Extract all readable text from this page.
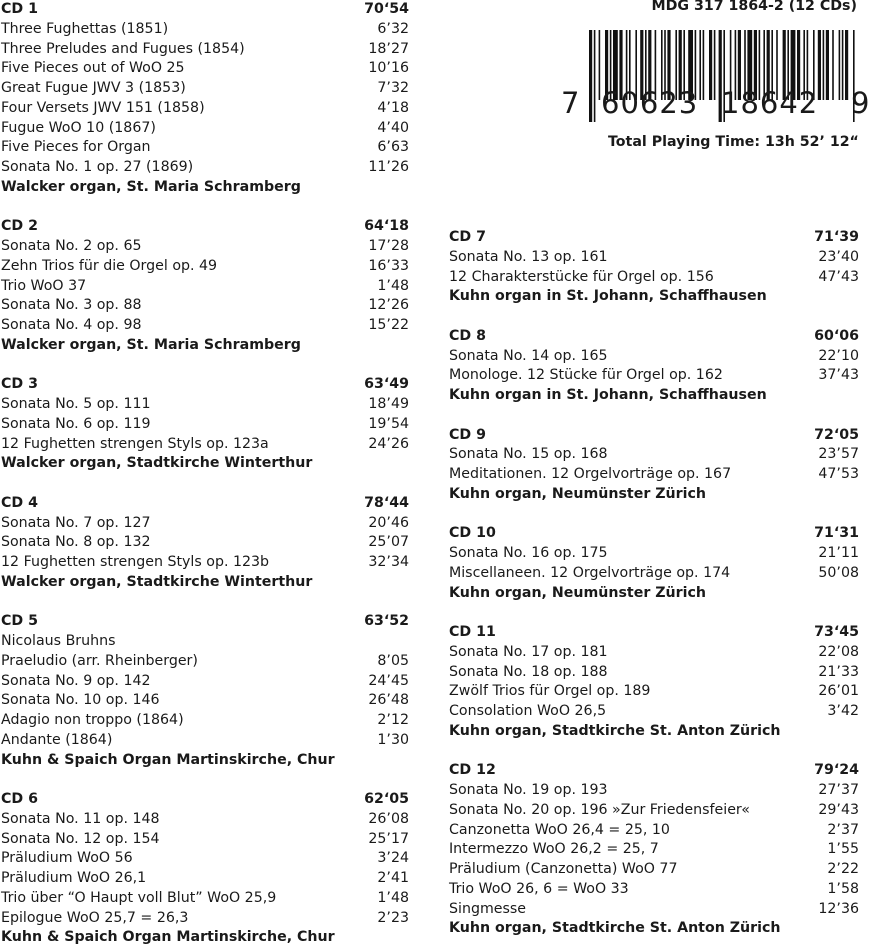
CD 1	70‘54
Three Fughettas (1851)	6’32
Three Preludes and Fugues (1854)	18’27
Five Pieces out of WoO 25	10’16
Great Fugue JWV 3 (1853)	7’32
Four Versets JWV 151 (1858)	4’18
Fugue WoO 10 (1867)	4’40
Five Pieces for Organ	6’63
Sonata No. 1 op. 27 (1869)	11’26
Walcker organ, St. Maria Schramberg
CD 2	64‘18
Sonata No. 2 op. 65	17’28
Zehn Trios für die Orgel op. 49	16’33
Trio WoO 37	1’48
Sonata No. 3 op. 88	12’26
Sonata No. 4 op. 98	15’22
Walcker organ, St. Maria Schramberg
CD 3	63‘49
Sonata No. 5 op. 111	18’49
Sonata No. 6 op. 119	19’54
12 Fughetten strengen Styls op. 123a	24’26
Walcker organ, Stadtkirche Winterthur
CD 4	78‘44
Sonata No. 7 op. 127	20’46
Sonata No. 8 op. 132	25’07
12 Fughetten strengen Styls op. 123b	32’34
Walcker organ, Stadtkirche Winterthur
CD 5	63‘52
Nicolaus Bruhns
Praeludio (arr. Rheinberger)	8’05
Sonata No. 9 op. 142	24’45
Sonata No. 10 op. 146	26’48
Adagio non troppo (1864)	2’12
Andante (1864)	1’30
Kuhn & Spaich Organ Martinskirche, Chur
CD 6	62‘05
Sonata No. 11 op. 148	26’08
Sonata No. 12 op. 154	25’17
Präludium WoO 56	3’24
Präludium WoO 26,1	2’41
Trio über “O Haupt voll Blut” WoO 25,9	1’48
Epilogue WoO 25,7 = 26,3	2’23
Kuhn & Spaich Organ Martinskirche, Chur
CD 7	71‘39
Sonata No. 13 op. 161	23’40
12 Charakterstücke für Orgel op. 156	47’43
Kuhn organ in St. Johann, Schaffhausen
CD 8	60‘06
Sonata No. 14 op. 165	22’10
Monologe. 12 Stücke für Orgel op. 162	37’43
Kuhn organ in St. Johann, Schaffhausen
CD 9	72‘05
Sonata No. 15 op. 168	23’57
Meditationen. 12 Orgelvorträge op. 167	47’53
Kuhn organ, Neumünster Zürich
CD 10	71‘31
Sonata No. 16 op. 175	21’11
Miscellaneen. 12 Orgelvorträge op. 174	50’08
Kuhn organ, Neumünster Zürich
CD 11	73‘45
Sonata No. 17 op. 181	22’08
Sonata No. 18 op. 188	21’33
Zwölf Trios für Orgel op. 189	26’01
Consolation WoO 26,5	3’42
Kuhn organ, Stadtkirche St. Anton Zürich
CD 12	79‘24
Sonata No. 19 op. 193	27’37
Sonata No. 20 op. 196 »Zur Friedensfeier«	29’43
Canzonetta WoO 26,4 = 25, 10	2’37
Intermezzo WoO 26,2 = 25, 7	1’55
Präludium (Canzonetta) WoO 77	2’22
Trio WoO 26, 6 = WoO 33	1’58
Singmesse	12’36
Kuhn organ, Stadtkirche St. Anton Zürich
MDG 317 1864-2 (12 CDs)
7 60623 18642 9
Total Playing Time: 13h 52’ 12“
